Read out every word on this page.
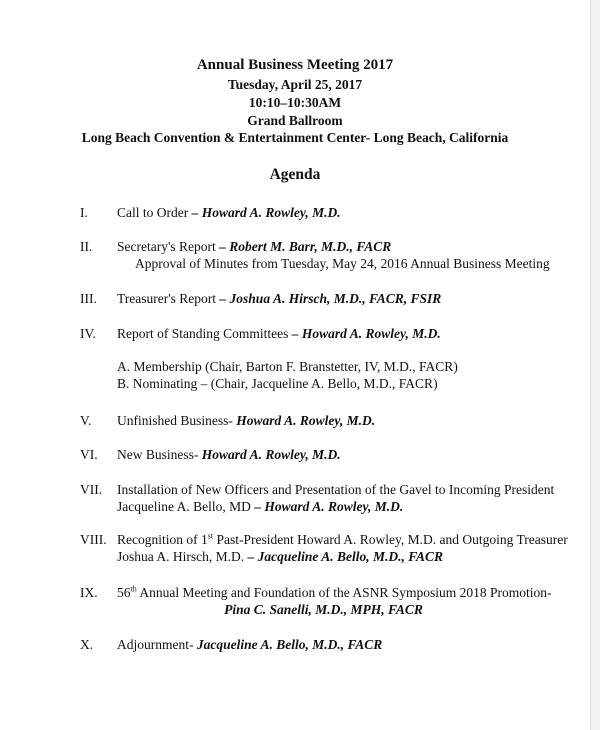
Annual Business Meeting 2017
Tuesday, April 25, 2017
10:10–10:30AM
Grand Ballroom
Long Beach Convention & Entertainment Center- Long Beach, California
Agenda
I. Call to Order – Howard A. Rowley, M.D.
II. Secretary's Report – Robert M. Barr, M.D., FACR
Approval of Minutes from Tuesday, May 24, 2016 Annual Business Meeting
III. Treasurer's Report – Joshua A. Hirsch, M.D., FACR, FSIR
IV. Report of Standing Committees – Howard A. Rowley, M.D.
A. Membership (Chair, Barton F. Branstetter, IV, M.D., FACR)
B. Nominating – (Chair, Jacqueline A. Bello, M.D., FACR)
V. Unfinished Business- Howard A. Rowley, M.D.
VI. New Business- Howard A. Rowley, M.D.
VII. Installation of New Officers and Presentation of the Gavel to Incoming President
Jacqueline A. Bello, MD – Howard A. Rowley, M.D.
VIII. Recognition of 1st Past-President Howard A. Rowley, M.D. and Outgoing Treasurer
Joshua A. Hirsch, M.D. – Jacqueline A. Bello, M.D., FACR
IX. 56th Annual Meeting and Foundation of the ASNR Symposium 2018 Promotion-
Pina C. Sanelli, M.D., MPH, FACR
X. Adjournment- Jacqueline A. Bello, M.D., FACR
